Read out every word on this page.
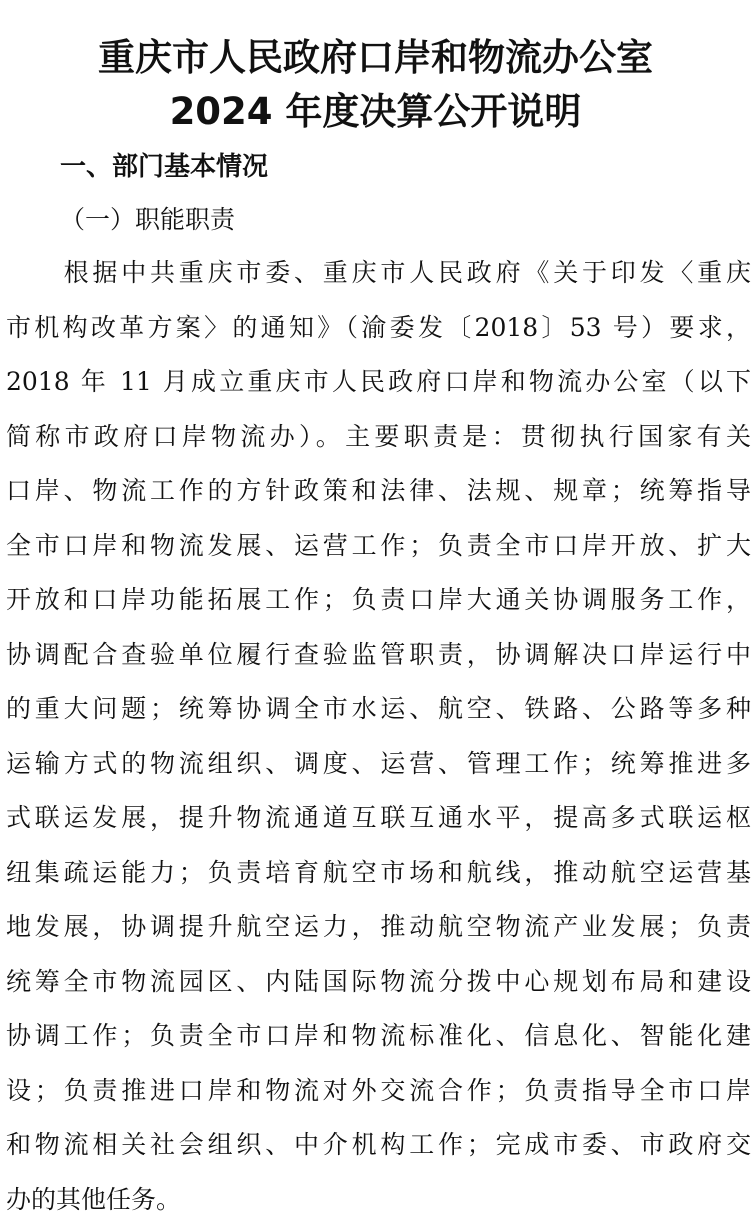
重庆市人民政府口岸和物流办公室
2024 年度决算公开说明
一、部门基本情况
（一）职能职责
　　根据中共重庆市委、重庆市人民政府《关于印发〈重庆
市机构改革方案〉的通知》（渝委发〔2018〕53 号）要求，
2018 年 11 月成立重庆市人民政府口岸和物流办公室（以下
简称市政府口岸物流办）。主要职责是：贯彻执行国家有关
口岸、物流工作的方针政策和法律、法规、规章；统筹指导
全市口岸和物流发展、运营工作；负责全市口岸开放、扩大
开放和口岸功能拓展工作；负责口岸大通关协调服务工作，
协调配合查验单位履行查验监管职责，协调解决口岸运行中
的重大问题；统筹协调全市水运、航空、铁路、公路等多种
运输方式的物流组织、调度、运营、管理工作；统筹推进多
式联运发展，提升物流通道互联互通水平，提高多式联运枢
纽集疏运能力；负责培育航空市场和航线，推动航空运营基
地发展，协调提升航空运力，推动航空物流产业发展；负责
统筹全市物流园区、内陆国际物流分拨中心规划布局和建设
协调工作；负责全市口岸和物流标准化、信息化、智能化建
设；负责推进口岸和物流对外交流合作；负责指导全市口岸
和物流相关社会组织、中介机构工作；完成市委、市政府交
办的其他任务。
